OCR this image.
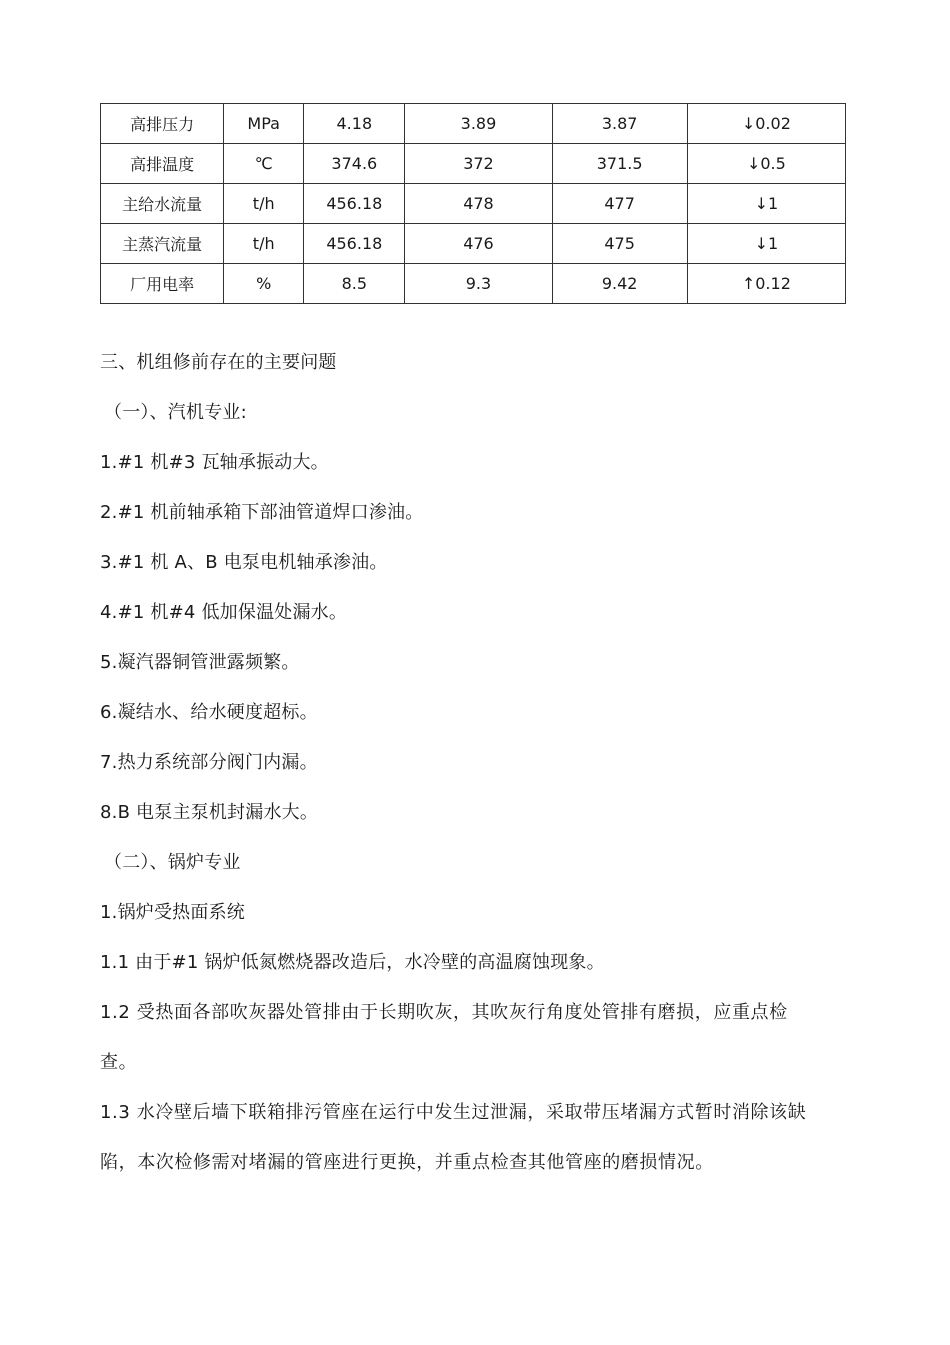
高排压力	MPa	4.18	3.89	3.87	↓0.02
高排温度	℃	374.6	372	371.5	↓0.5
主给水流量	t/h	456.18	478	477	↓1
主蒸汽流量	t/h	456.18	476	475	↓1
厂用电率	%	8.5	9.3	9.42	↑0.12
三、机组修前存在的主要问题
（一）、汽机专业:
1.#1 机#3 瓦轴承振动大。
2.#1 机前轴承箱下部油管道焊口渗油。
3.#1 机 A、B 电泵电机轴承渗油。
4.#1 机#4 低加保温处漏水。
5.凝汽器铜管泄露频繁。
6.凝结水、给水硬度超标。
7.热力系统部分阀门内漏。
8.B 电泵主泵机封漏水大。
（二）、锅炉专业
1.锅炉受热面系统
1.1 由于#1 锅炉低氮燃烧器改造后，水冷壁的高温腐蚀现象。
1.2 受热面各部吹灰器处管排由于长期吹灰，其吹灰行角度处管排有磨损，应重点检查。
1.3 水冷壁后墙下联箱排污管座在运行中发生过泄漏，采取带压堵漏方式暂时消除该缺陷，本次检修需对堵漏的管座进行更换，并重点检查其他管座的磨损情况。
